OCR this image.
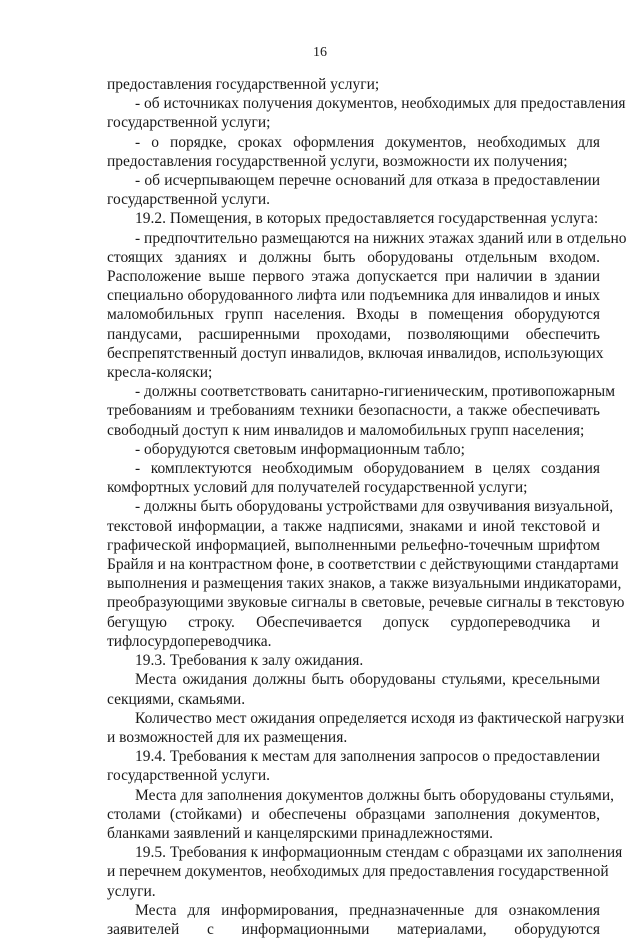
16
предоставления государственной услуги;
- об источниках получения документов, необходимых для предоставления
государственной услуги;
- о порядке, сроках оформления документов, необходимых для
предоставления государственной услуги, возможности их получения;
- об исчерпывающем перечне оснований для отказа в предоставлении
государственной услуги.
19.2. Помещения, в которых предоставляется государственная услуга:
- предпочтительно размещаются на нижних этажах зданий или в отдельно
стоящих зданиях и должны быть оборудованы отдельным входом.
Расположение выше первого этажа допускается при наличии в здании
специально оборудованного лифта или подъемника для инвалидов и иных
маломобильных групп населения. Входы в помещения оборудуются
пандусами, расширенными проходами, позволяющими обеспечить
беспрепятственный доступ инвалидов, включая инвалидов, использующих
кресла-коляски;
- должны соответствовать санитарно-гигиеническим, противопожарным
требованиям и требованиям техники безопасности, а также обеспечивать
свободный доступ к ним инвалидов и маломобильных групп населения;
- оборудуются световым информационным табло;
- комплектуются необходимым оборудованием в целях создания
комфортных условий для получателей государственной услуги;
- должны быть оборудованы устройствами для озвучивания визуальной,
текстовой информации, а также надписями, знаками и иной текстовой и
графической информацией, выполненными рельефно-точечным шрифтом
Брайля и на контрастном фоне, в соответствии с действующими стандартами
выполнения и размещения таких знаков, а также визуальными индикаторами,
преобразующими звуковые сигналы в световые, речевые сигналы в текстовую
бегущую строку. Обеспечивается допуск сурдопереводчика и
тифлосурдопереводчика.
19.3. Требования к залу ожидания.
Места ожидания должны быть оборудованы стульями, кресельными
секциями, скамьями.
Количество мест ожидания определяется исходя из фактической нагрузки
и возможностей для их размещения.
19.4. Требования к местам для заполнения запросов о предоставлении
государственной услуги.
Места для заполнения документов должны быть оборудованы стульями,
столами (стойками) и обеспечены образцами заполнения документов,
бланками заявлений и канцелярскими принадлежностями.
19.5. Требования к информационным стендам с образцами их заполнения
и перечнем документов, необходимых для предоставления государственной
услуги.
Места для информирования, предназначенные для ознакомления
заявителей с информационными материалами, оборудуются
